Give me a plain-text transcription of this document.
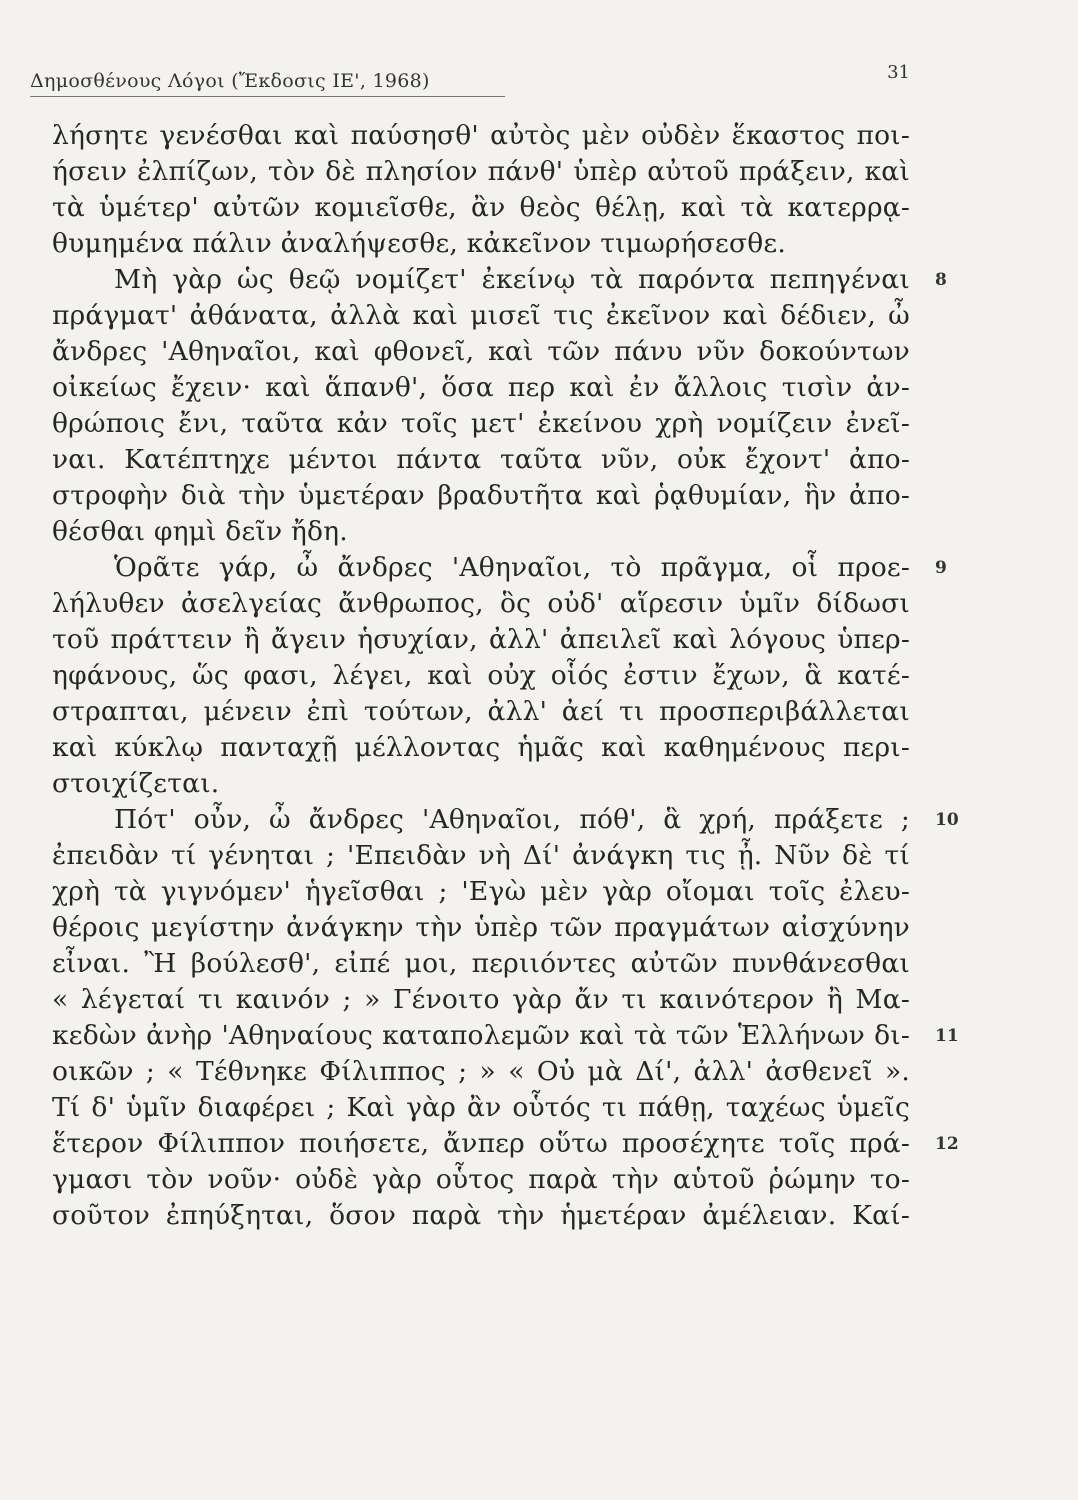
Δημοσθένους Λόγοι (Ἔκδοσις ΙΕ', 1968)	31
λήσητε γενέσθαι καὶ παύσησθ' αὐτὸς μὲν οὐδὲν ἕκαστος ποι-
ήσειν ἐλπίζων, τὸν δὲ πλησίον πάνθ' ὑπὲρ αὐτοῦ πράξειν, καὶ
τὰ ὑμέτερ' αὐτῶν κομιεῖσθε, ἂν θεὸς θέλῃ, καὶ τὰ κατερρᾳ-
θυμημένα πάλιν ἀναλήψεσθε, κἀκεῖνον τιμωρήσεσθε.
Μὴ γὰρ ὡς θεῷ νομίζετ' ἐκείνῳ τὰ παρόντα πεπηγέναι
πράγματ' ἀθάνατα, ἀλλὰ καὶ μισεῖ τις ἐκεῖνον καὶ δέδιεν, ὦ
ἄνδρες 'Αθηναῖοι, καὶ φθονεῖ, καὶ τῶν πάνυ νῦν δοκούντων
οἰκείως ἔχειν· καὶ ἅπανθ', ὅσα περ καὶ ἐν ἄλλοις τισὶν ἀν-
θρώποις ἔνι, ταῦτα κἀν τοῖς μετ' ἐκείνου χρὴ νομίζειν ἐνεῖ-
ναι. Κατέπτηχε μέντοι πάντα ταῦτα νῦν, οὐκ ἔχοντ' ἀπο-
στροφὴν διὰ τὴν ὑμετέραν βραδυτῆτα καὶ ῥᾳθυμίαν, ἣν ἀπο-
θέσθαι φημὶ δεῖν ἤδη.
Ὁρᾶτε γάρ, ὦ ἄνδρες 'Αθηναῖοι, τὸ πρᾶγμα, οἷ προε-
λήλυθεν ἀσελγείας ἄνθρωπος, ὃς οὐδ' αἵρεσιν ὑμῖν δίδωσι
τοῦ πράττειν ἢ ἄγειν ἡσυχίαν, ἀλλ' ἀπειλεῖ καὶ λόγους ὑπερ-
ηφάνους, ὥς φασι, λέγει, καὶ οὐχ οἷός ἐστιν ἔχων, ἃ κατέ-
στραπται, μένειν ἐπὶ τούτων, ἀλλ' ἀεί τι προσπεριβάλλεται
καὶ κύκλῳ πανταχῇ μέλλοντας ἡμᾶς καὶ καθημένους περι-
στοιχίζεται.
Πότ' οὖν, ὦ ἄνδρες 'Αθηναῖοι, πόθ', ἃ χρή, πράξετε ;
ἐπειδὰν τί γένηται ; 'Επειδὰν νὴ Δί' ἀνάγκη τις ᾖ. Νῦν δὲ τί
χρὴ τὰ γιγνόμεν' ἡγεῖσθαι ; 'Εγὼ μὲν γὰρ οἴομαι τοῖς ἐλευ-
θέροις μεγίστην ἀνάγκην τὴν ὑπὲρ τῶν πραγμάτων αἰσχύνην
εἶναι. Ἢ βούλεσθ', εἰπέ μοι, περιιόντες αὐτῶν πυνθάνεσθαι
« λέγεταί τι καινόν ; » Γένοιτο γὰρ ἄν τι καινότερον ἢ Μα-
κεδὼν ἀνὴρ 'Αθηναίους καταπολεμῶν καὶ τὰ τῶν Ἑλλήνων δι-
οικῶν ; « Τέθνηκε Φίλιππος ; » « Οὐ μὰ Δί', ἀλλ' ἀσθενεῖ ».
Τί δ' ὑμῖν διαφέρει ; Καὶ γὰρ ἂν οὗτός τι πάθῃ, ταχέως ὑμεῖς
ἕτερον Φίλιππον ποιήσετε, ἄνπερ οὕτω προσέχητε τοῖς πρά-
γμασι τὸν νοῦν· οὐδὲ γὰρ οὗτος παρὰ τὴν αὑτοῦ ῥώμην το-
σοῦτον ἐπηύξηται, ὅσον παρὰ τὴν ἡμετέραν ἀμέλειαν. Καί-
8
9
10
11
12
